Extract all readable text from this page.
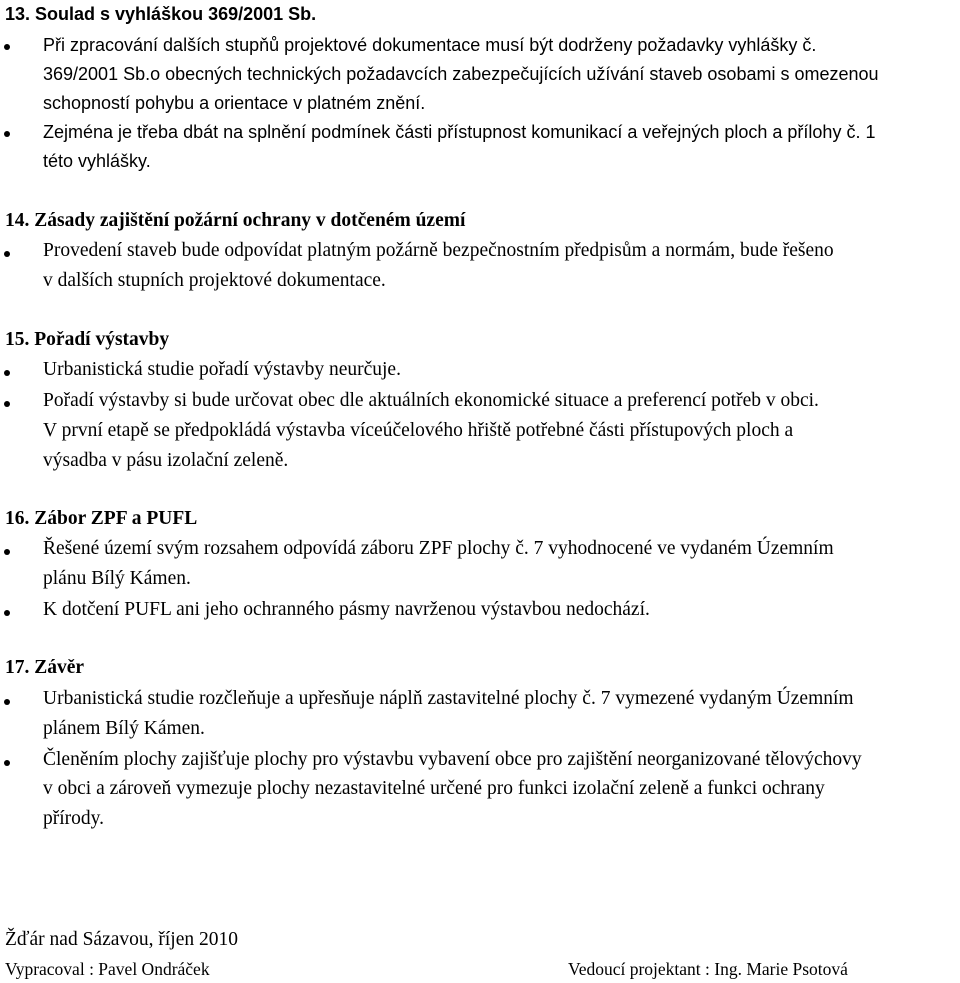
13. Soulad s vyhláškou 369/2001 Sb.
Při zpracování dalších stupňů projektové dokumentace musí být dodrženy požadavky vyhlášky č.
369/2001 Sb.o obecných technických požadavcích zabezpečujících užívání staveb osobami s omezenou
schopností pohybu a orientace v platném znění.
Zejména je třeba dbát na splnění podmínek části přístupnost komunikací a veřejných ploch a přílohy č. 1
této vyhlášky.
14. Zásady zajištění požární ochrany v dotčeném území
Provedení staveb bude odpovídat platným požárně bezpečnostním předpisům a normám, bude řešeno
v dalších stupních projektové dokumentace.
15. Pořadí výstavby
Urbanistická studie pořadí výstavby neurčuje.
Pořadí výstavby si bude určovat obec dle aktuálních ekonomické situace a preferencí potřeb v obci.
V první etapě se předpokládá výstavba víceúčelového hřiště potřebné části přístupových ploch a
výsadba v pásu izolační zeleně.
16. Zábor ZPF a PUFL
Řešené území svým rozsahem odpovídá záboru ZPF plochy č. 7 vyhodnocené ve vydaném Územním
plánu Bílý Kámen.
K dotčení PUFL ani jeho ochranného pásmy navrženou výstavbou nedochází.
17. Závěr
Urbanistická studie rozčleňuje a upřesňuje náplň zastavitelné plochy č. 7 vymezené vydaným Územním
plánem Bílý Kámen.
Členěním plochy zajišťuje plochy pro výstavbu vybavení obce pro zajištění neorganizované tělovýchovy
v obci a zároveň vymezuje plochy nezastavitelné určené pro funkci izolační zeleně a funkci ochrany
přírody.
Žďár nad Sázavou, říjen 2010
Vypracoval : Pavel Ondráček	Vedoucí projektant : Ing. Marie Psotová
